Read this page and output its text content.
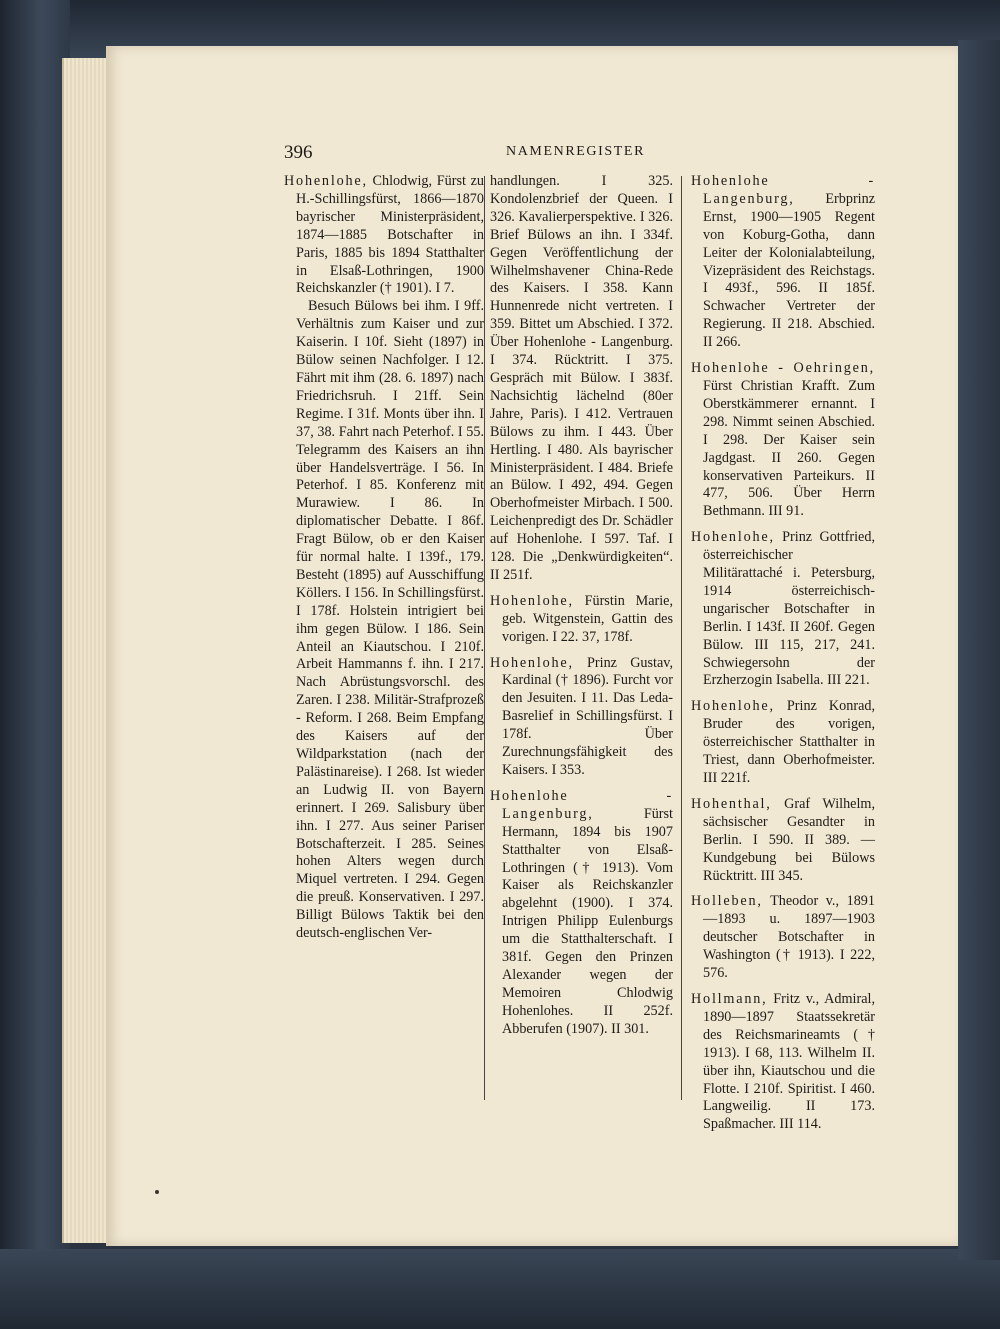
396	NAMENREGISTER
Hohenlohe, Chlodwig, Fürst zu H.-Schillingsfürst, 1866—1870 bayrischer Ministerpräsident, 1874—1885 Botschafter in Paris, 1885 bis 1894 Statthalter in Elsaß-Lothringen, 1900 Reichskanzler († 1901). I 7.
Besuch Bülows bei ihm. I 9ff. Verhältnis zum Kaiser und zur Kaiserin. I 10f. Sieht (1897) in Bülow seinen Nachfolger. I 12. Fährt mit ihm (28. 6. 1897) nach Friedrichsruh. I 21ff. Sein Regime. I 31f. Monts über ihn. I 37, 38. Fahrt nach Peterhof. I 55. Telegramm des Kaisers an ihn über Handelsverträge. I 56. In Peterhof. I 85. Konferenz mit Murawiew. I 86. In diplomatischer Debatte. I 86f. Fragt Bülow, ob er den Kaiser für normal halte. I 139f., 179. Besteht (1895) auf Ausschiffung Köllers. I 156. In Schillingsfürst. I 178f. Holstein intrigiert bei ihm gegen Bülow. I 186. Sein Anteil an Kiautschou. I 210f. Arbeit Hammanns f. ihn. I 217. Nach Abrüstungsvorschl. des Zaren. I 238. Militär-Strafprozeß - Reform. I 268. Beim Empfang des Kaisers auf der Wildparkstation (nach der Palästinareise). I 268. Ist wieder an Ludwig II. von Bayern erinnert. I 269. Salisbury über ihn. I 277. Aus seiner Pariser Botschafterzeit. I 285. Seines hohen Alters wegen durch Miquel vertreten. I 294. Gegen die preuß. Konservativen. I 297. Billigt Bülows Taktik bei den deutsch-englischen Ver-
handlungen. I 325. Kondolenzbrief der Queen. I 326. Kavalierperspektive. I 326. Brief Bülows an ihn. I 334f. Gegen Veröffentlichung der Wilhelmshavener China-Rede des Kaisers. I 358. Kann Hunnenrede nicht vertreten. I 359. Bittet um Abschied. I 372. Über Hohenlohe - Langenburg. I 374. Rücktritt. I 375. Gespräch mit Bülow. I 383f. Nachsichtig lächelnd (80er Jahre, Paris). I 412. Vertrauen Bülows zu ihm. I 443. Über Hertling. I 480. Als bayrischer Ministerpräsident. I 484. Briefe an Bülow. I 492, 494. Gegen Oberhofmeister Mirbach. I 500. Leichenpredigt des Dr. Schädler auf Hohenlohe. I 597. Taf. I 128. Die „Denkwürdigkeiten“. II 251f.
Hohenlohe, Fürstin Marie, geb. Witgenstein, Gattin des vorigen. I 22. 37, 178f.
Hohenlohe, Prinz Gustav, Kardinal († 1896). Furcht vor den Jesuiten. I 11. Das Leda-Basrelief in Schillingsfürst. I 178f. Über Zurechnungsfähigkeit des Kaisers. I 353.
Hohenlohe - Langenburg,	Fürst Hermann, 1894 bis 1907 Statthalter von Elsaß-Lothringen († 1913). Vom Kaiser als Reichskanzler abgelehnt (1900). I 374. Intrigen Philipp Eulenburgs um die Statthalterschaft. I 381f. Gegen den Prinzen Alexander wegen der Memoiren Chlodwig Hohenlohes. II 252f. Abberufen (1907). II 301.
Hohenlohe - Langenburg, Erbprinz Ernst, 1900—1905 Regent von Koburg-Gotha, dann Leiter der Kolonialabteilung, Vizepräsident des Reichstags. I 493f., 596. II 185f. Schwacher Vertreter der Regierung. II 218. Abschied. II 266.
Hohenlohe - Oehringen, Fürst Christian Krafft. Zum Oberstkämmerer ernannt. I 298. Nimmt seinen Abschied. I 298. Der Kaiser sein Jagdgast. II 260. Gegen konservativen Parteikurs. II 477, 506. Über Herrn Bethmann. III 91.
Hohenlohe, Prinz Gottfried, österreichischer Militärattaché i. Petersburg, 1914 österreichisch-ungarischer Botschafter in Berlin. I 143f. II 260f. Gegen Bülow. III 115, 217, 241. Schwiegersohn der Erzherzogin Isabella. III 221.
Hohenlohe, Prinz Konrad, Bruder des vorigen, österreichischer Statthalter in Triest, dann Oberhofmeister. III 221f.
Hohenthal, Graf Wilhelm, sächsischer Gesandter in Berlin. I 590. II 389. — Kundgebung bei Bülows Rücktritt. III 345.
Holleben, Theodor v., 1891—1893 u. 1897—1903 deutscher Botschafter in Washington († 1913). I 222, 576.
Hollmann, Fritz v., Admiral, 1890—1897 Staatssekretär des Reichsmarineamts († 1913). I 68, 113. Wilhelm II. über ihn, Kiautschou und die Flotte. I 210f. Spiritist. I 460. Langweilig. II 173. Spaßmacher. III 114.
